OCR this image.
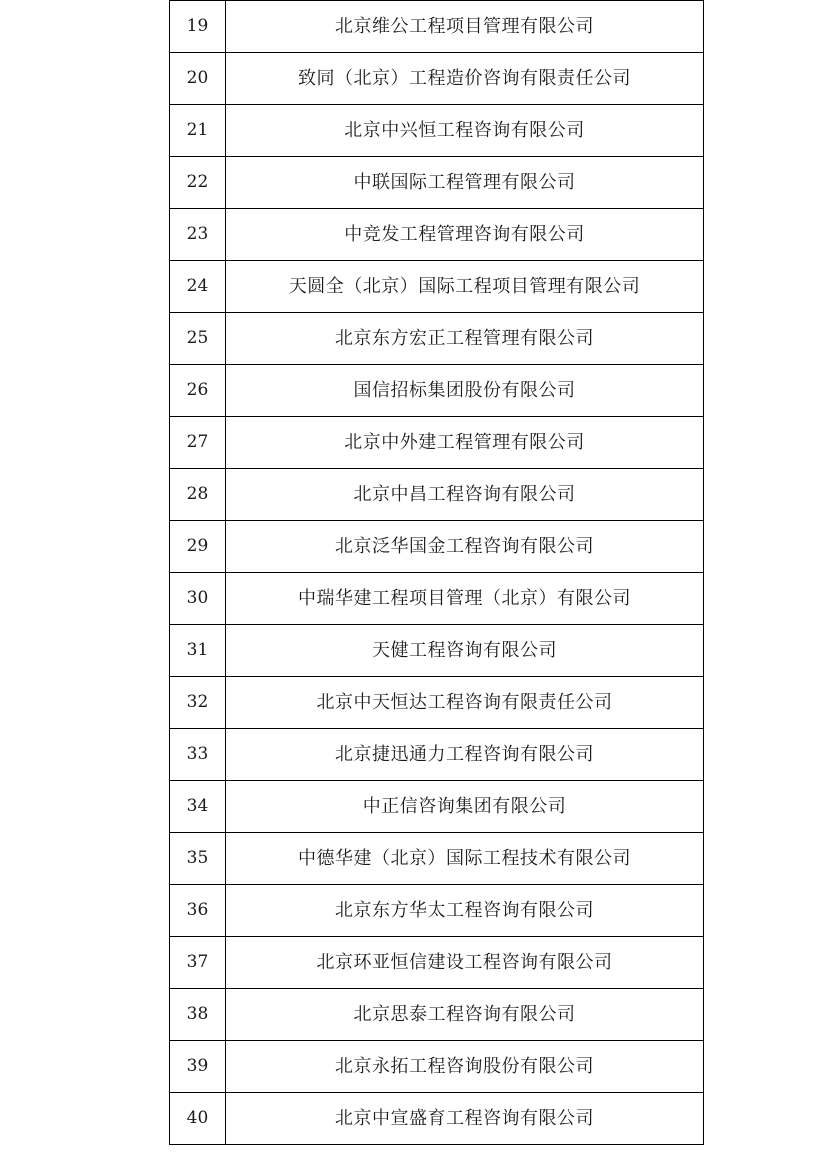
19	北京维公工程项目管理有限公司
20	致同（北京）工程造价咨询有限责任公司
21	北京中兴恒工程咨询有限公司
22	中联国际工程管理有限公司
23	中竞发工程管理咨询有限公司
24	天圆全（北京）国际工程项目管理有限公司
25	北京东方宏正工程管理有限公司
26	国信招标集团股份有限公司
27	北京中外建工程管理有限公司
28	北京中昌工程咨询有限公司
29	北京泛华国金工程咨询有限公司
30	中瑞华建工程项目管理（北京）有限公司
31	天健工程咨询有限公司
32	北京中天恒达工程咨询有限责任公司
33	北京捷迅通力工程咨询有限公司
34	中正信咨询集团有限公司
35	中德华建（北京）国际工程技术有限公司
36	北京东方华太工程咨询有限公司
37	北京环亚恒信建设工程咨询有限公司
38	北京思泰工程咨询有限公司
39	北京永拓工程咨询股份有限公司
40	北京中宣盛育工程咨询有限公司
